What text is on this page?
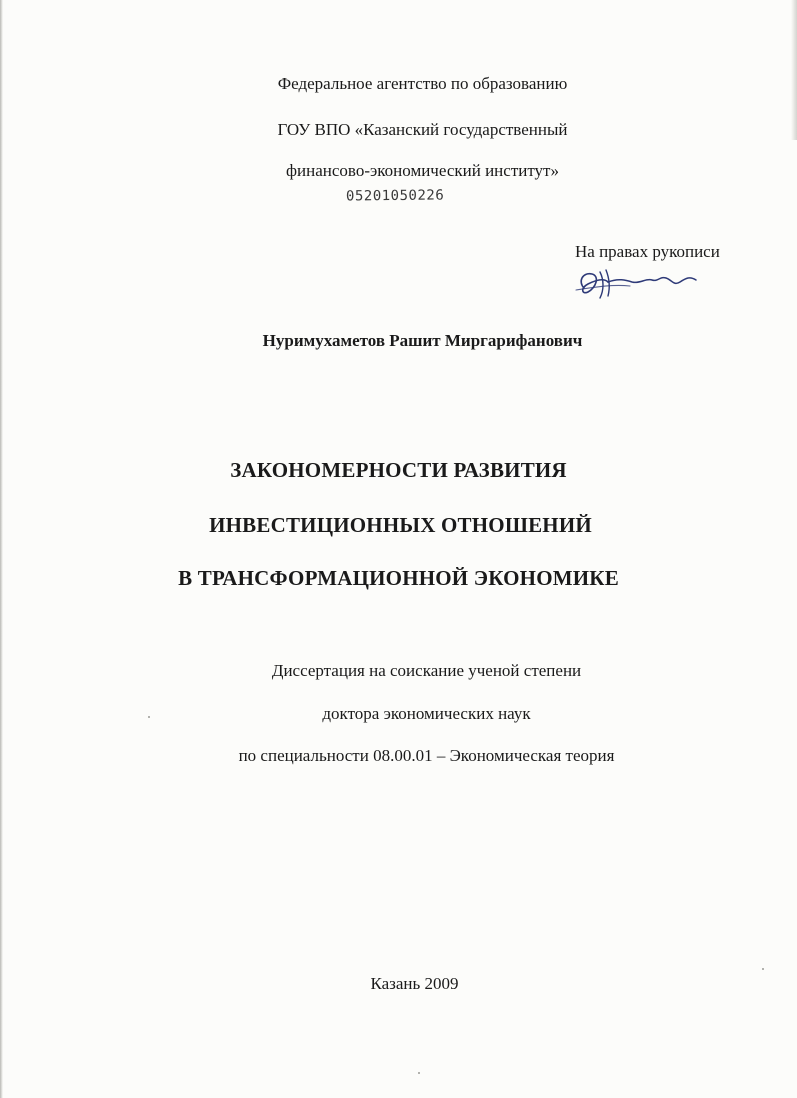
Федеральное агентство по образованию
ГОУ ВПО «Казанский государственный
финансово-экономический институт»
05201050226
На правах рукописи
Нуримухаметов Рашит Миргарифанович
ЗАКОНОМЕРНОСТИ РАЗВИТИЯ
ИНВЕСТИЦИОННЫХ ОТНОШЕНИЙ
В ТРАНСФОРМАЦИОННОЙ ЭКОНОМИКЕ
Диссертация на соискание ученой степени
доктора экономических наук
по специальности 08.00.01 – Экономическая теория
Казань 2009
